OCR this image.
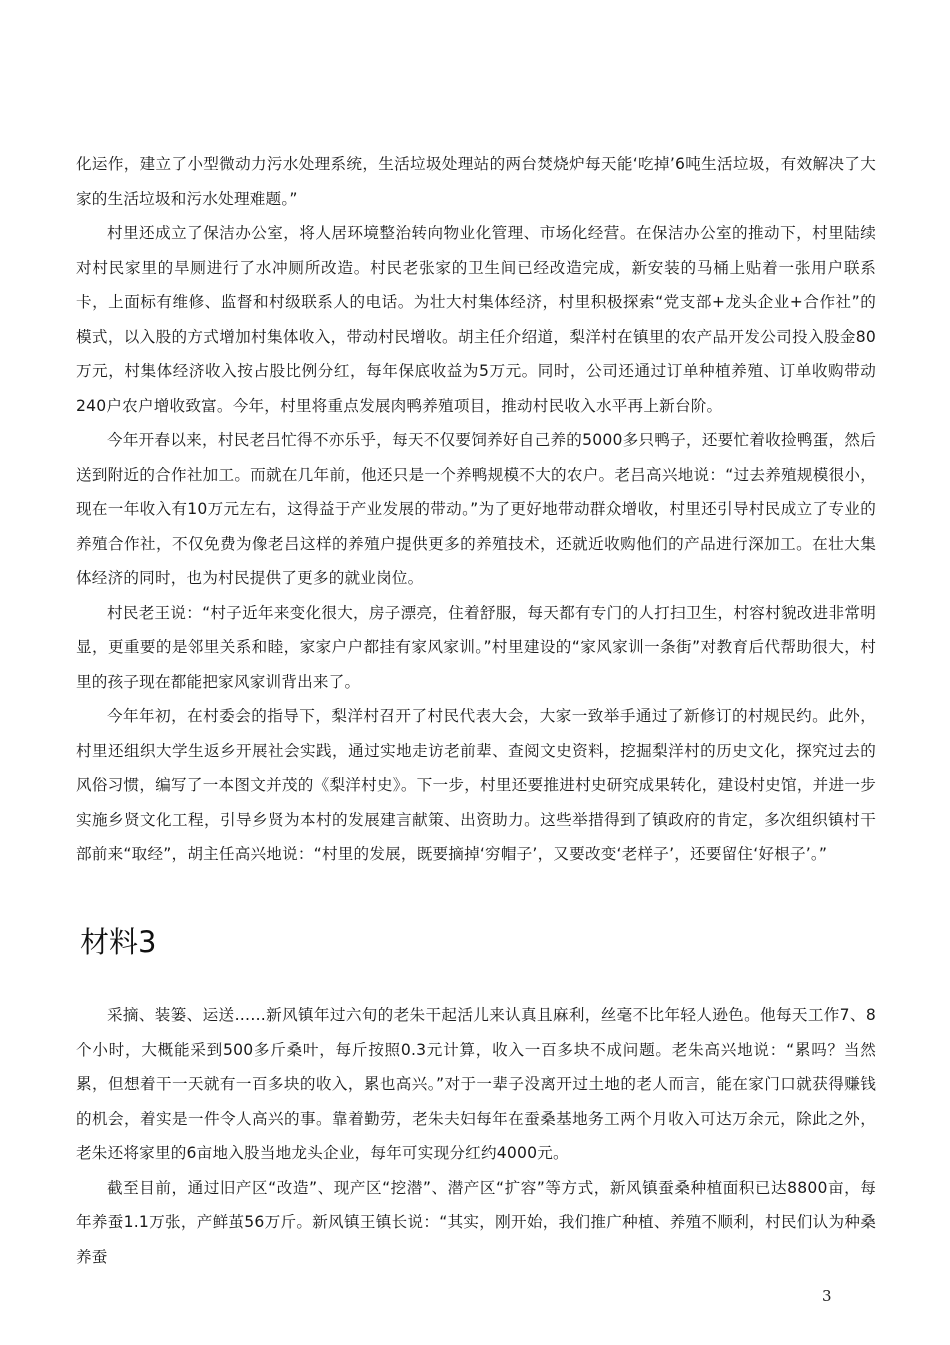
化运作，建立了小型微动力污水处理系统，生活垃圾处理站的两台焚烧炉每天能‘吃掉’6吨生活垃圾，有效解决了大家的生活垃圾和污水处理难题。”

村里还成立了保洁办公室，将人居环境整治转向物业化管理、市场化经营。在保洁办公室的推动下，村里陆续对村民家里的旱厕进行了水冲厕所改造。村民老张家的卫生间已经改造完成，新安装的马桶上贴着一张用户联系卡，上面标有维修、监督和村级联系人的电话。为壮大村集体经济，村里积极探索“党支部+龙头企业+合作社”的模式，以入股的方式增加村集体收入，带动村民增收。胡主任介绍道，梨洋村在镇里的农产品开发公司投入股金80万元，村集体经济收入按占股比例分红，每年保底收益为5万元。同时，公司还通过订单种植养殖、订单收购带动240户农户增收致富。今年，村里将重点发展肉鸭养殖项目，推动村民收入水平再上新台阶。

今年开春以来，村民老吕忙得不亦乐乎，每天不仅要饲养好自己养的5000多只鸭子，还要忙着收捡鸭蛋，然后送到附近的合作社加工。而就在几年前，他还只是一个养鸭规模不大的农户。老吕高兴地说：“过去养殖规模很小，现在一年收入有10万元左右，这得益于产业发展的带动。”为了更好地带动群众增收，村里还引导村民成立了专业的养殖合作社，不仅免费为像老吕这样的养殖户提供更多的养殖技术，还就近收购他们的产品进行深加工。在壮大集体经济的同时，也为村民提供了更多的就业岗位。

村民老王说：“村子近年来变化很大，房子漂亮，住着舒服，每天都有专门的人打扫卫生，村容村貌改进非常明显，更重要的是邻里关系和睦，家家户户都挂有家风家训。”村里建设的“家风家训一条街”对教育后代帮助很大，村里的孩子现在都能把家风家训背出来了。

今年年初，在村委会的指导下，梨洋村召开了村民代表大会，大家一致举手通过了新修订的村规民约。此外，村里还组织大学生返乡开展社会实践，通过实地走访老前辈、查阅文史资料，挖掘梨洋村的历史文化，探究过去的风俗习惯，编写了一本图文并茂的《梨洋村史》。下一步，村里还要推进村史研究成果转化，建设村史馆，并进一步实施乡贤文化工程，引导乡贤为本村的发展建言献策、出资助力。这些举措得到了镇政府的肯定，多次组织镇村干部前来“取经”，胡主任高兴地说：“村里的发展，既要摘掉‘穷帽子’，又要改变‘老样子’，还要留住‘好根子’。”

材料3

采摘、装篓、运送……新风镇年过六旬的老朱干起活儿来认真且麻利，丝毫不比年轻人逊色。他每天工作7、8个小时，大概能采到500多斤桑叶，每斤按照0.3元计算，收入一百多块不成问题。老朱高兴地说：“累吗？当然累，但想着干一天就有一百多块的收入，累也高兴。”对于一辈子没离开过土地的老人而言，能在家门口就获得赚钱的机会，着实是一件令人高兴的事。靠着勤劳，老朱夫妇每年在蚕桑基地务工两个月收入可达万余元，除此之外，老朱还将家里的6亩地入股当地龙头企业，每年可实现分红约4000元。

截至目前，通过旧产区“改造”、现产区“挖潜”、潜产区“扩容”等方式，新风镇蚕桑种植面积已达8800亩，每年养蚕1.1万张，产鲜茧56万斤。新风镇王镇长说：“其实，刚开始，我们推广种植、养殖不顺利，村民们认为种桑养蚕

3
